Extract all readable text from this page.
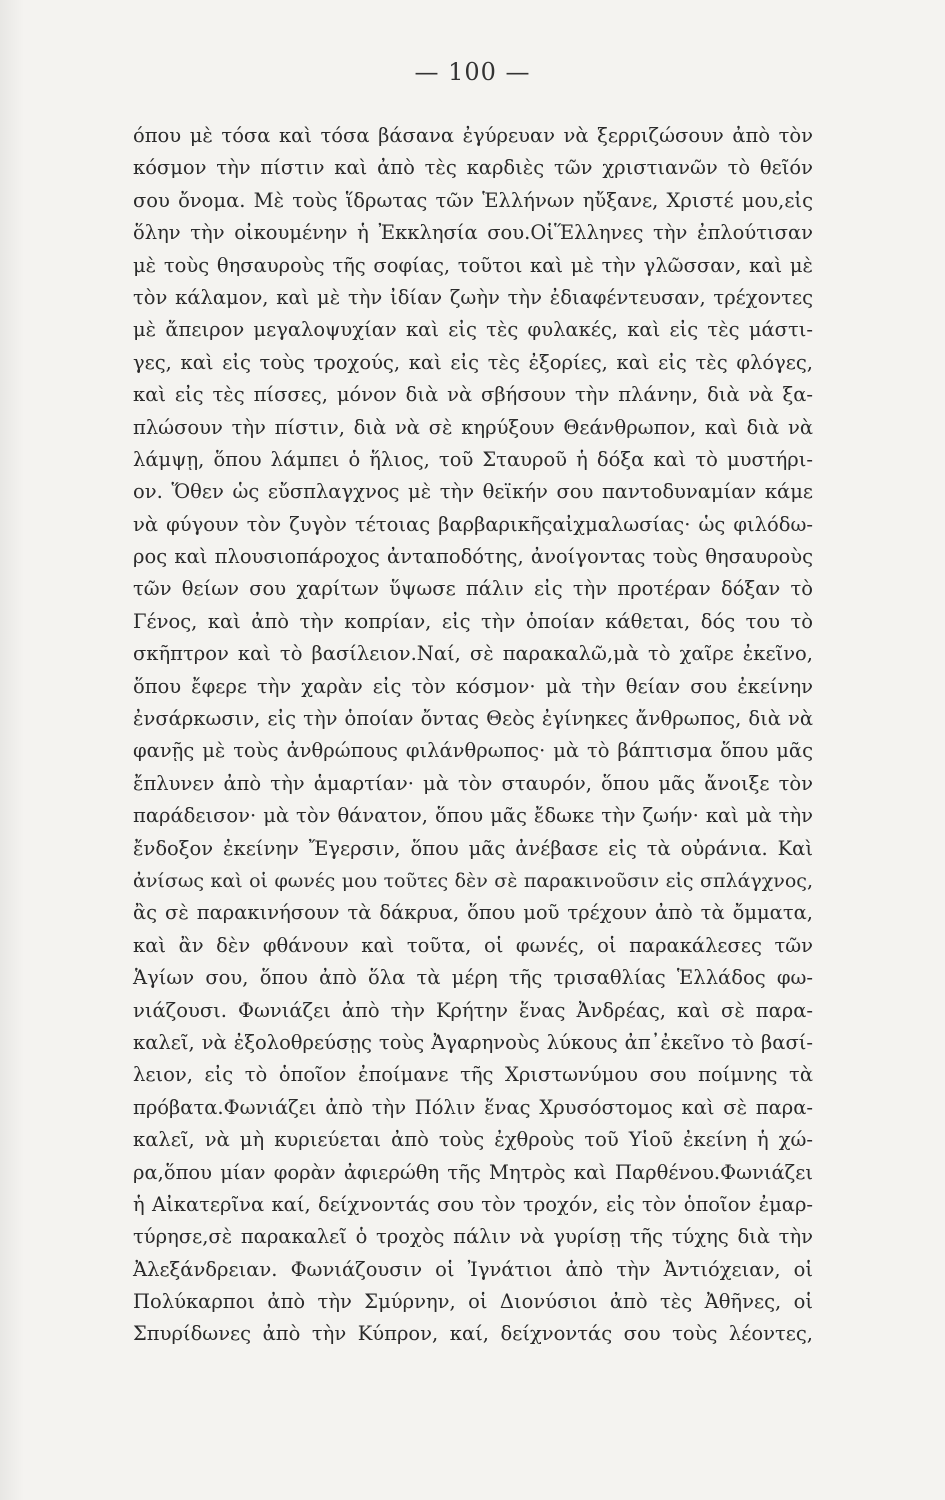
— 100 —
όπου μὲ τόσα καὶ τόσα βάσανα ἐγύρευαν νὰ ξερριζώσουν ἀπὸ τὸν
κόσμον τὴν πίστιν καὶ ἀπὸ τὲς καρδιὲς τῶν χριστιανῶν τὸ θεῖόν
σου ὄνομα. Μὲ τοὺς ἵδρωτας τῶν Ἑλλήνων ηὔξανε, Χριστέ μου,εἰς
ὅλην τὴν οἰκουμένην ἡ Ἐκκλησία σου.ΟἱἝλληνες τὴν ἐπλούτισαν
μὲ τοὺς θησαυροὺς τῆς σοφίας, τοῦτοι καὶ μὲ τὴν γλῶσσαν, καὶ μὲ
τὸν κάλαμον, καὶ μὲ τὴν ἰδίαν ζωὴν τὴν ἐδιαφέντευσαν, τρέχοντες
μὲ ἄπειρον μεγαλοψυχίαν καὶ εἰς τὲς φυλακές, καὶ εἰς τὲς μάστι-
γες, καὶ εἰς τοὺς τροχούς, καὶ εἰς τὲς ἐξορίες, καὶ εἰς τὲς φλόγες,
καὶ εἰς τὲς πίσσες, μόνον διὰ νὰ σβήσουν τὴν πλάνην, διὰ νὰ ξα-
πλώσουν τὴν πίστιν, διὰ νὰ σὲ κηρύξουν Θεάνθρωπον, καὶ διὰ νὰ
λάμψῃ, ὅπου λάμπει ὁ ἥλιος, τοῦ Σταυροῦ ἡ δόξα καὶ τὸ μυστήρι-
ον. Ὅθεν ὡς εὔσπλαγχνος μὲ τὴν θεϊκήν σου παντοδυναμίαν κάμε
νὰ φύγουν τὸν ζυγὸν τέτοιας βαρβαρικῆςαἰχμαλωσίας· ὡς φιλόδω-
ρος καὶ πλουσιοπάροχος ἀνταποδότης, ἀνοίγοντας τοὺς θησαυροὺς
τῶν θείων σου χαρίτων ὕψωσε πάλιν εἰς τὴν προτέραν δόξαν τὸ
Γένος, καὶ ἀπὸ τὴν κοπρίαν, εἰς τὴν ὁποίαν κάθεται, δός του τὸ
σκῆπτρον καὶ τὸ βασίλειον.Ναί, σὲ παρακαλῶ,μὰ τὸ χαῖρε ἐκεῖνο,
ὅπου ἔφερε τὴν χαρὰν εἰς τὸν κόσμον· μὰ τὴν θείαν σου ἐκείνην
ἐνσάρκωσιν, εἰς τὴν ὁποίαν ὄντας Θεὸς ἐγίνηκες ἄνθρωπος, διὰ νὰ
φανῇς μὲ τοὺς ἀνθρώπους φιλάνθρωπος· μὰ τὸ βάπτισμα ὅπου μᾶς
ἔπλυνεν ἀπὸ τὴν ἁμαρτίαν· μὰ τὸν σταυρόν, ὅπου μᾶς ἄνοιξε τὸν
παράδεισον· μὰ τὸν θάνατον, ὅπου μᾶς ἔδωκε τὴν ζωήν· καὶ μὰ τὴν
ἔνδοξον ἐκείνην Ἔγερσιν, ὅπου μᾶς ἀνέβασε εἰς τὰ οὐράνια. Καὶ
ἀνίσως καὶ οἱ φωνές μου τοῦτες δὲν σὲ παρακινοῦσιν εἰς σπλάγχνος,
ἂς σὲ παρακινήσουν τὰ δάκρυα, ὅπου μοῦ τρέχουν ἀπὸ τὰ ὄμματα,
καὶ ἂν δὲν φθάνουν καὶ τοῦτα, οἱ φωνές, οἱ παρακάλεσες τῶν
Ἁγίων σου, ὅπου ἀπὸ ὅλα τὰ μέρη τῆς τρισαθλίας Ἑλλάδος φω-
νιάζουσι. Φωνιάζει ἀπὸ τὴν Κρήτην ἕνας Ἀνδρέας, καὶ σὲ παρα-
καλεῖ, νὰ ἐξολοθρεύσῃς τοὺς Ἀγαρηνοὺς λύκους ἀπ᾽ἐκεῖνο τὸ βασί-
λειον, εἰς τὸ ὁποῖον ἐποίμανε τῆς Χριστωνύμου σου ποίμνης τὰ
πρόβατα.Φωνιάζει ἀπὸ τὴν Πόλιν ἕνας Χρυσόστομος καὶ σὲ παρα-
καλεῖ, νὰ μὴ κυριεύεται ἀπὸ τοὺς ἐχθροὺς τοῦ Υἱοῦ ἐκείνη ἡ χώ-
ρα,ὅπου μίαν φορὰν ἀφιερώθη τῆς Μητρὸς καὶ Παρθένου.Φωνιάζει
ἡ Αἰκατερῖνα καί, δείχνοντάς σου τὸν τροχόν, εἰς τὸν ὁποῖον ἐμαρ-
τύρησε,σὲ παρακαλεῖ ὁ τροχὸς πάλιν νὰ γυρίσῃ τῆς τύχης διὰ τὴν
Ἀλεξάνδρειαν. Φωνιάζουσιν οἱ Ἰγνάτιοι ἀπὸ τὴν Ἀντιόχειαν, οἱ
Πολύκαρποι ἀπὸ τὴν Σμύρνην, οἱ Διονύσιοι ἀπὸ τὲς Ἀθῆνες, οἱ
Σπυρίδωνες ἀπὸ τὴν Κύπρον, καί, δείχνοντάς σου τοὺς λέοντες,
